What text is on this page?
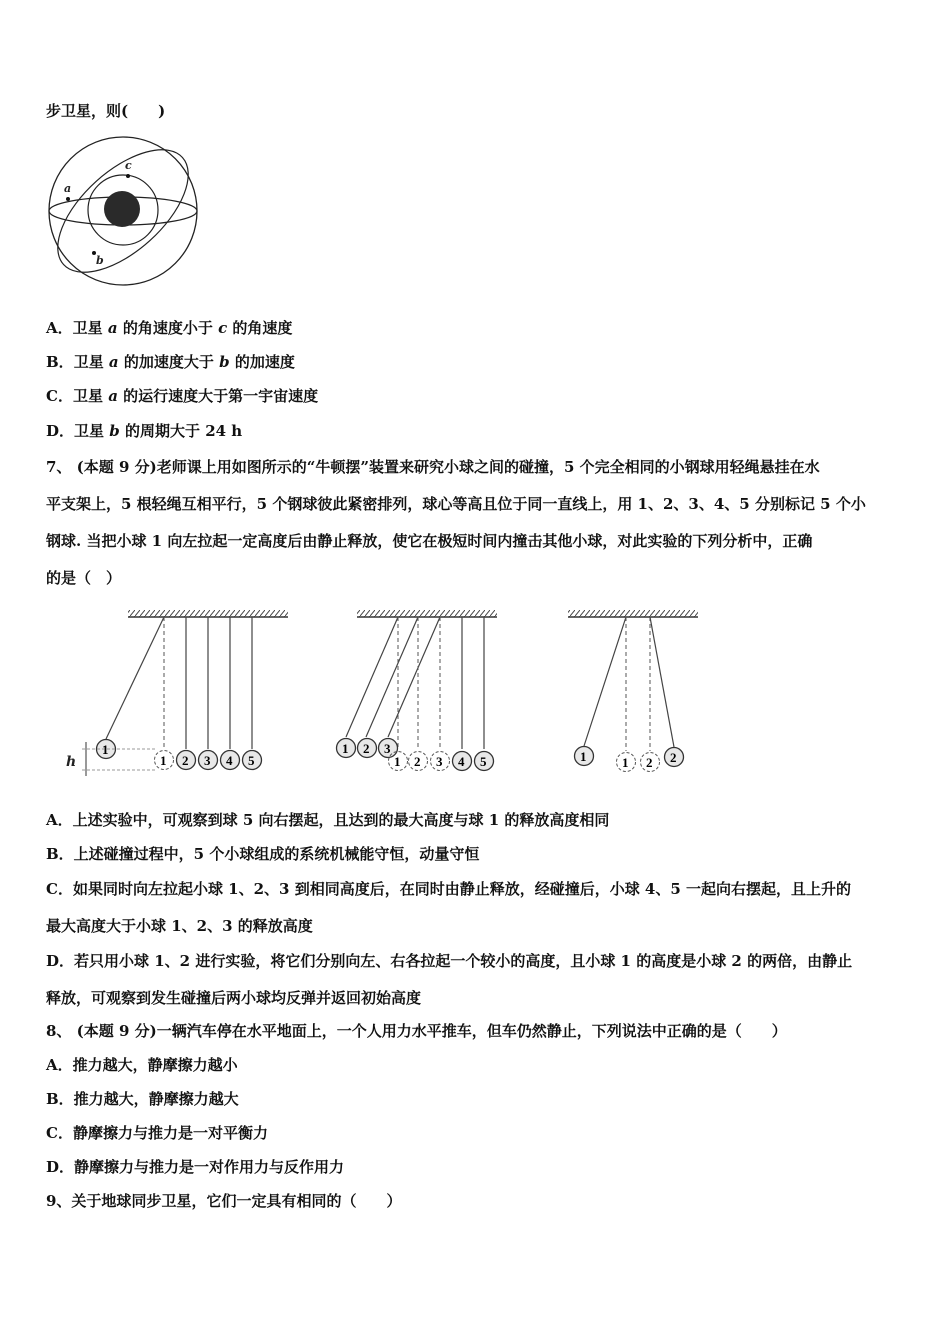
步卫星，则(　　)
a
b
c
A．卫星 a 的角速度小于 c 的角速度
B．卫星 a 的加速度大于 b 的加速度
C．卫星 a 的运行速度大于第一宇宙速度
D．卫星 b 的周期大于 24 h
7、 (本题 9 分)老师课上用如图所示的“牛顿摆”装置来研究小球之间的碰撞，5 个完全相同的小钢球用轻绳悬挂在水
平支架上，5 根轻绳互相平行，5 个钢球彼此紧密排列，球心等高且位于同一直线上，用 1、2、3、4、5 分别标记 5 个小
钢球. 当把小球 1 向左拉起一定高度后由静止释放，使它在极短时间内撞击其他小球，对此实验的下列分析中，正确
的是（　）
1
1 2 3 4 5
h
1 2 3
1 2 3 4 5	1	1 2 2
A．上述实验中，可观察到球 5 向右摆起，且达到的最大高度与球 1 的释放高度相同
B．上述碰撞过程中，5 个小球组成的系统机械能守恒，动量守恒
C．如果同时向左拉起小球 1、2、3 到相同高度后，在同时由静止释放，经碰撞后，小球 4、5 一起向右摆起，且上升的
最大高度大于小球 1、2、3 的释放高度
D．若只用小球 1、2 进行实验，将它们分别向左、右各拉起一个较小的高度，且小球 1 的高度是小球 2 的两倍，由静止
释放，可观察到发生碰撞后两小球均反弹并返回初始高度
8、 (本题 9 分)一辆汽车停在水平地面上，一个人用力水平推车，但车仍然静止，下列说法中正确的是（　　）
A．推力越大，静摩擦力越小
B．推力越大，静摩擦力越大
C．静摩擦力与推力是一对平衡力
D．静摩擦力与推力是一对作用力与反作用力
9、关于地球同步卫星，它们一定具有相同的（　　）
